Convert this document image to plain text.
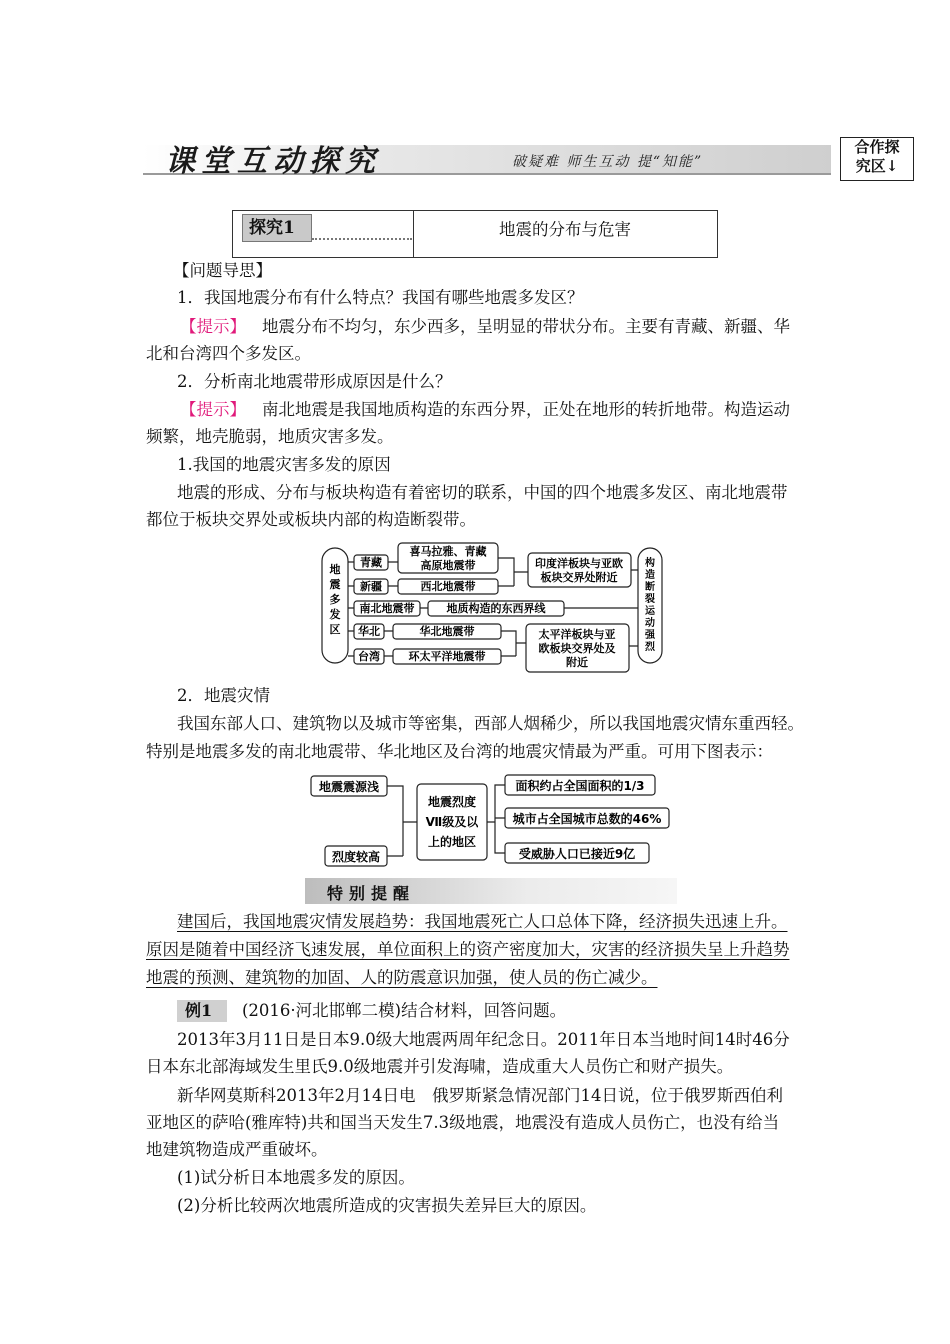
课堂互动探究	破疑难 师生互动 提“知能”
合作探
究区↓
探究1	地震的分布与危害
【问题导思】
1．我国地震分布有什么特点？我国有哪些地震多发区？
【提示】 地震分布不均匀，东少西多，呈明显的带状分布。主要有青藏、新疆、华
北和台湾四个多发区。
2．分析南北地震带形成原因是什么？
【提示】 南北地震是我国地质构造的东西分界，正处在地形的转折地带。构造运动
频繁，地壳脆弱，地质灾害多发。
1.我国的地震灾害多发的原因
地震的形成、分布与板块构造有着密切的联系，中国的四个地震多发区、南北地震带
都位于板块交界处或板块内部的构造断裂带。
地震多发区
青藏
新疆
南北地震带
华北
台湾
喜马拉雅、青藏
高原地震带
西北地震带
地质构造的东西界线
华北地震带
环太平洋地震带
印度洋板块与亚欧
板块交界处附近
太平洋板块与亚
欧板块交界处及
附近
构造断裂运动强烈
2．地震灾情
我国东部人口、建筑物以及城市等密集，西部人烟稀少，所以我国地震灾情东重西轻。
特别是地震多发的南北地震带、华北地区及台湾的地震灾情最为严重。可用下图表示：
地震震源浅
烈度较高
地震烈度
Ⅶ级及以
上的地区
面积约占全国面积的1/3
城市占全国城市总数的46%
受威胁人口已接近9亿
特别提醒
建国后，我国地震灾情发展趋势：我国地震死亡人口总体下降，经济损失迅速上升。
原因是随着中国经济飞速发展，单位面积上的资产密度加大，灾害的经济损失呈上升趋势
地震的预测、建筑物的加固、人的防震意识加强，使人员的伤亡减少。
例1	(2016·河北邯郸二模)结合材料，回答问题。
2013年3月11日是日本9.0级大地震两周年纪念日。2011年日本当地时间14时46分
日本东北部海域发生里氏9.0级地震并引发海啸，造成重大人员伤亡和财产损失。
新华网莫斯科2013年2月14日电　俄罗斯紧急情况部门14日说，位于俄罗斯西伯利
亚地区的萨哈(雅库特)共和国当天发生7.3级地震，地震没有造成人员伤亡，也没有给当
地建筑物造成严重破坏。
(1)试分析日本地震多发的原因。
(2)分析比较两次地震所造成的灾害损失差异巨大的原因。
